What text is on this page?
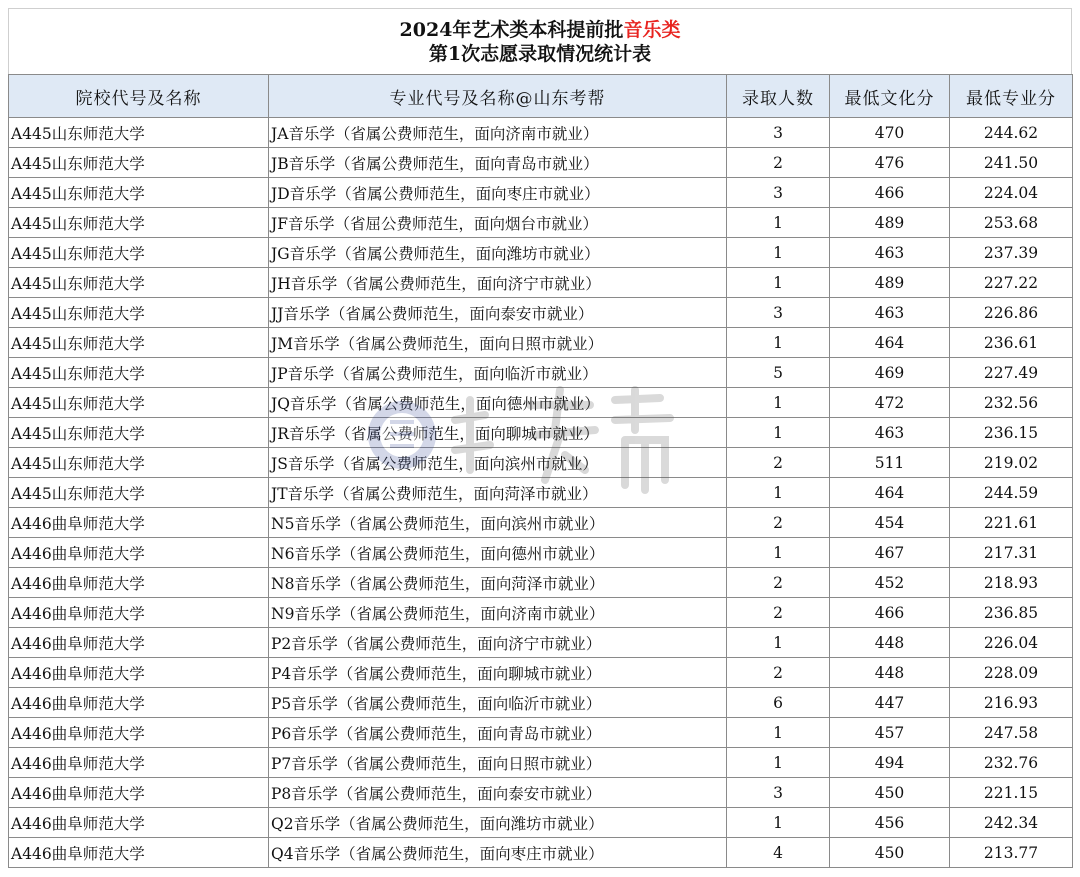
2024年艺术类本科提前批音乐类
第1次志愿录取情况统计表
院校代号及名称	专业代号及名称@山东考帮	录取人数	最低文化分	最低专业分
A445山东师范大学	JA音乐学（省属公费师范生，面向济南市就业）	3	470	244.62
A445山东师范大学	JB音乐学（省属公费师范生，面向青岛市就业）	2	476	241.50
A445山东师范大学	JD音乐学（省属公费师范生，面向枣庄市就业）	3	466	224.04
A445山东师范大学	JF音乐学（省屈公费师范生，面向烟台市就业）	1	489	253.68
A445山东师范大学	JG音乐学（省属公费师范生，面向潍坊市就业）	1	463	237.39
A445山东师范大学	JH音乐学（省属公费师范生，面向济宁市就业）	1	489	227.22
A445山东师范大学	JJ音乐学（省属公费师范生，面向泰安市就业）	3	463	226.86
A445山东师范大学	JM音乐学（省属公费师范生，面向日照市就业）	1	464	236.61
A445山东师范大学	JP音乐学（省属公费师范生，面向临沂市就业）	5	469	227.49
A445山东师范大学	JQ音乐学（省属公费师范生，面向德州市就业）	1	472	232.56
A445山东师范大学	JR音乐学（省属公费师范生，面向聊城市就业）	1	463	236.15
A445山东师范大学	JS音乐学（省属公费师范生，面向滨州市就业）	2	511	219.02
A445山东师范大学	JT音乐学（省属公费师范生，面向菏泽市就业）	1	464	244.59
A446曲阜师范大学	N5音乐学（省属公费师范生，面向滨州市就业）	2	454	221.61
A446曲阜师范大学	N6音乐学（省属公费师范生，面向德州市就业）	1	467	217.31
A446曲阜师范大学	N8音乐学（省属公费师范生，面向菏泽市就业）	2	452	218.93
A446曲阜师范大学	N9音乐学（省属公费师范生，面向济南市就业）	2	466	236.85
A446曲阜师范大学	P2音乐学（省属公费师范生，面向济宁市就业）	1	448	226.04
A446曲阜师范大学	P4音乐学（省属公费师范生，面向聊城市就业）	2	448	228.09
A446曲阜师范大学	P5音乐学（省属公费师范生，面向临沂市就业）	6	447	216.93
A446曲阜师范大学	P6音乐学（省属公费师范生，面向青岛市就业）	1	457	247.58
A446曲阜师范大学	P7音乐学（省属公费师范生，面向日照市就业）	1	494	232.76
A446曲阜师范大学	P8音乐学（省属公费师范生，面向泰安市就业）	3	450	221.15
A446曲阜师范大学	Q2音乐学（省属公费师范生，面向潍坊市就业）	1	456	242.34
A446曲阜师范大学	Q4音乐学（省属公费师范生，面向枣庄市就业）	4	450	213.77
